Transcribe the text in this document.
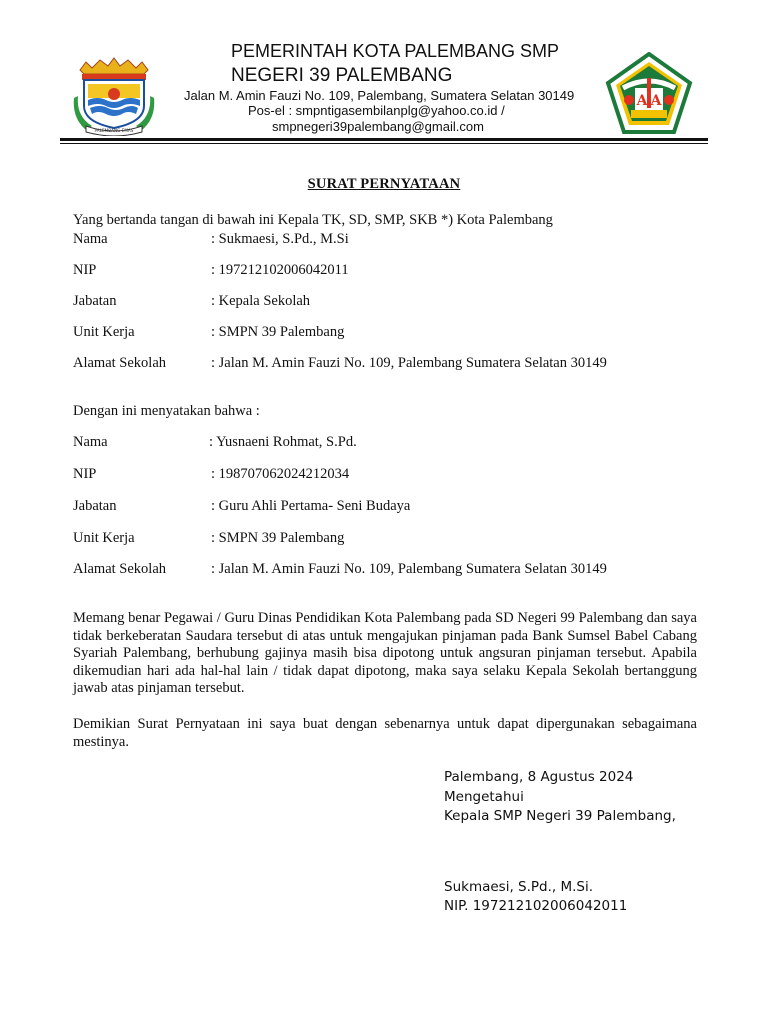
PALEMBANG EMAS
A A
PEMERINTAH KOTA PALEMBANG SMP
NEGERI 39 PALEMBANG
Jalan M. Amin Fauzi No. 109, Palembang, Sumatera Selatan 30149
Pos-el : smpntigasembilanplg@yahoo.co.id /
smpnegeri39palembang@gmail.com
SURAT PERNYATAAN
Yang bertanda tangan di bawah ini Kepala TK, SD, SMP, SKB *) Kota Palembang
Nama	: Sukmaesi, S.Pd., M.Si
NIP	: 197212102006042011
Jabatan	: Kepala Sekolah
Unit Kerja	: SMPN 39 Palembang
Alamat Sekolah	: Jalan M. Amin Fauzi No. 109, Palembang Sumatera Selatan 30149
Dengan ini menyatakan bahwa :
Nama	: Yusnaeni Rohmat, S.Pd.
NIP	: 198707062024212034
Jabatan	: Guru Ahli Pertama- Seni Budaya
Unit Kerja	: SMPN 39 Palembang
Alamat Sekolah	: Jalan M. Amin Fauzi No. 109, Palembang Sumatera Selatan 30149
Memang benar Pegawai / Guru Dinas Pendidikan Kota Palembang pada SD Negeri 99 Palembang dan saya tidak berkeberatan Saudara tersebut di atas untuk mengajukan pinjaman pada Bank Sumsel Babel Cabang Syariah Palembang, berhubung gajinya masih bisa dipotong untuk angsuran pinjaman tersebut. Apabila dikemudian hari ada hal-hal lain / tidak dapat dipotong, maka saya selaku Kepala Sekolah bertanggung jawab atas pinjaman tersebut.
Demikian Surat Pernyataan ini saya buat dengan sebenarnya untuk dapat dipergunakan sebagaimana mestinya.
Palembang, 8 Agustus 2024
Mengetahui
Kepala SMP Negeri 39 Palembang,
Sukmaesi, S.Pd., M.Si.
NIP. 197212102006042011
